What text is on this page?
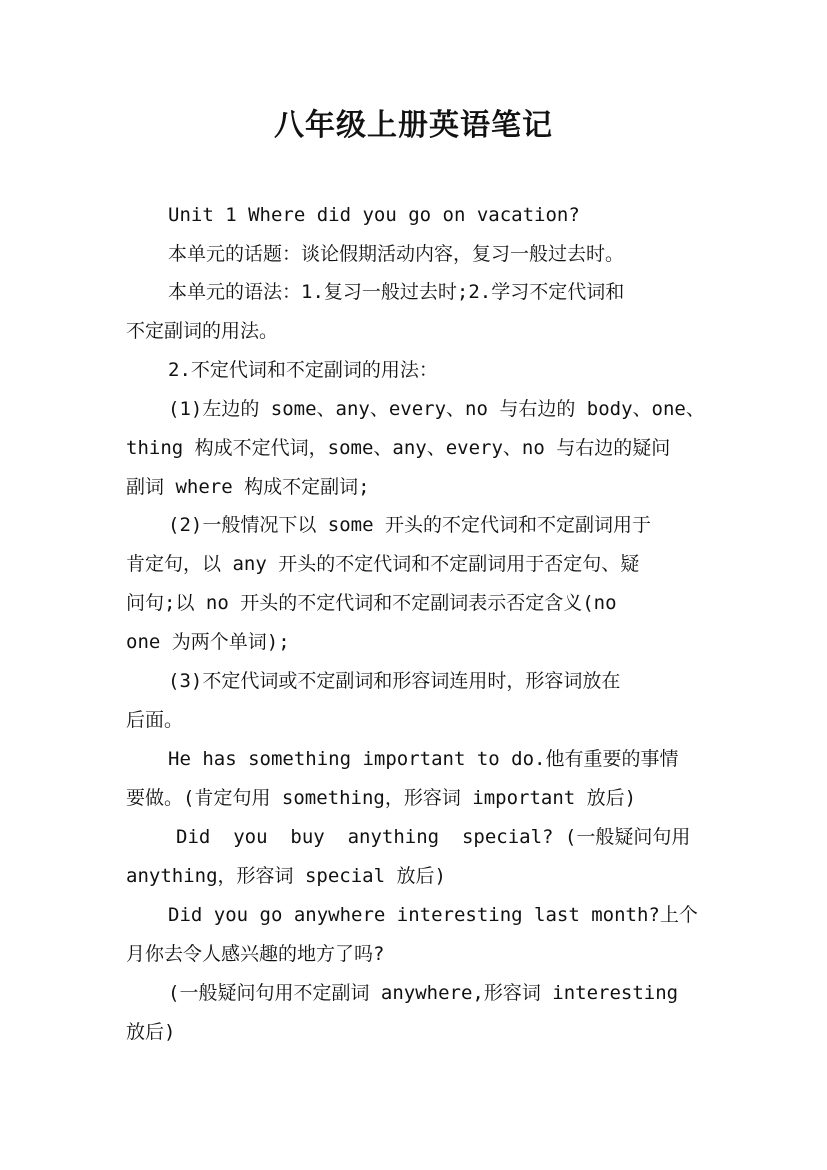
八年级上册英语笔记
Unit 1 Where did you go on vacation?
本单元的话题：谈论假期活动内容，复习一般过去时。
本单元的语法：1.复习一般过去时;2.学习不定代词和
不定副词的用法。
2.不定代词和不定副词的用法：
(1)左边的 some、any、every、no 与右边的 body、one、
thing 构成不定代词，some、any、every、no 与右边的疑问
副词 where 构成不定副词;
(2)一般情况下以 some 开头的不定代词和不定副词用于
肯定句，以 any 开头的不定代词和不定副词用于否定句、疑
问句;以 no 开头的不定代词和不定副词表示否定含义(no
one 为两个单词);
(3)不定代词或不定副词和形容词连用时，形容词放在
后面。
He has something important to do.他有重要的事情
要做。(肯定句用 something，形容词 important 放后)
Did  you  buy  anything  special? (一般疑问句用
anything，形容词 special 放后)
Did you go anywhere interesting last month?上个
月你去令人感兴趣的地方了吗?
(一般疑问句用不定副词 anywhere,形容词 interesting
放后)
